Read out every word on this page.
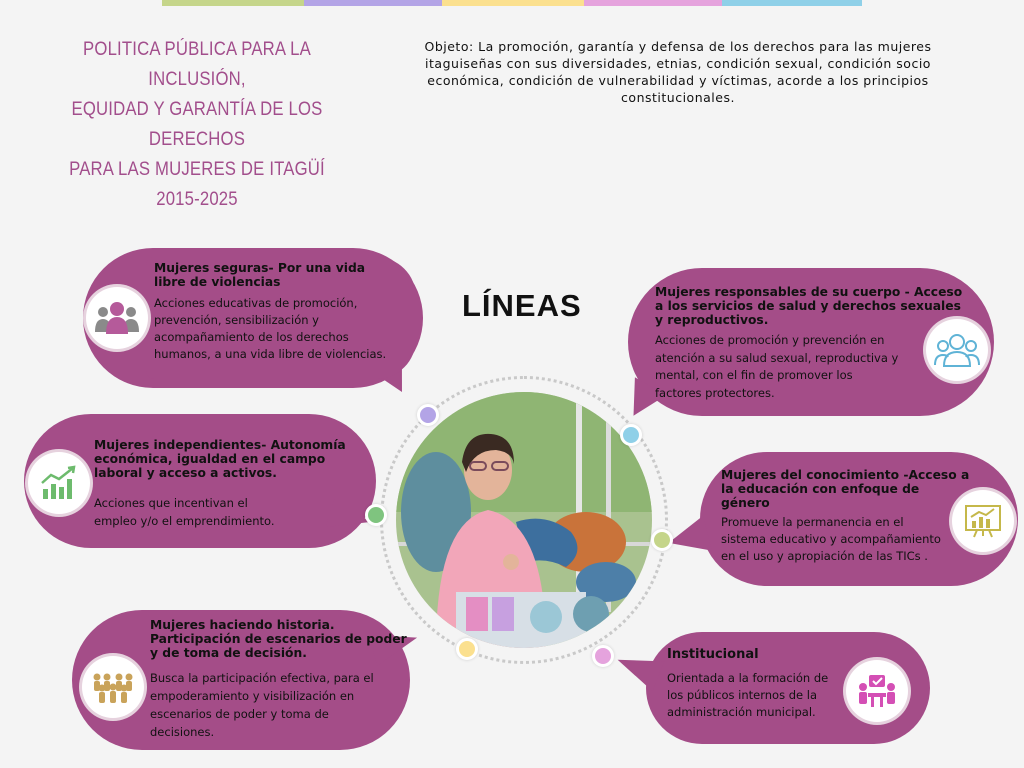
POLITICA PÚBLICA PARA LA INCLUSIÓN,
EQUIDAD Y GARANTÍA DE LOS DERECHOS
PARA LAS MUJERES DE ITAGÜÍ
2015-2025
Objeto: La promoción, garantía y defensa de los derechos para las mujeres
itaguiseñas con sus diversidades, etnias, condición sexual, condición socio
económica, condición de vulnerabilidad y víctimas, acorde a los principios
constitucionales.
LÍNEAS
Mujeres seguras- Por una vida
libre de violencias
Acciones educativas de promoción,
prevención, sensibilización y
acompañamiento de los derechos
humanos, a una vida libre de violencias.
Mujeres responsables de su cuerpo - Acceso
a los servicios de salud y derechos sexuales
y reproductivos.
Acciones de promoción y prevención en
atención a su salud sexual, reproductiva y
mental, con el fin de promover los
factores protectores.
Mujeres independientes- Autonomía
económica, igualdad en el campo
laboral y acceso a activos.
Acciones que incentivan el
empleo y/o el emprendimiento.
Mujeres del conocimiento -Acceso a
la educación con enfoque de
género
Promueve la permanencia en el
sistema educativo y acompañamiento
en el uso y apropiación de las TICs .
Mujeres haciendo historia.
Participación de escenarios de poder
y de toma de decisión.
Busca la participación efectiva, para el
empoderamiento y visibilización en
escenarios de poder y toma de
decisiones.
Institucional
Orientada a la formación de
los públicos internos de la
administración municipal.
